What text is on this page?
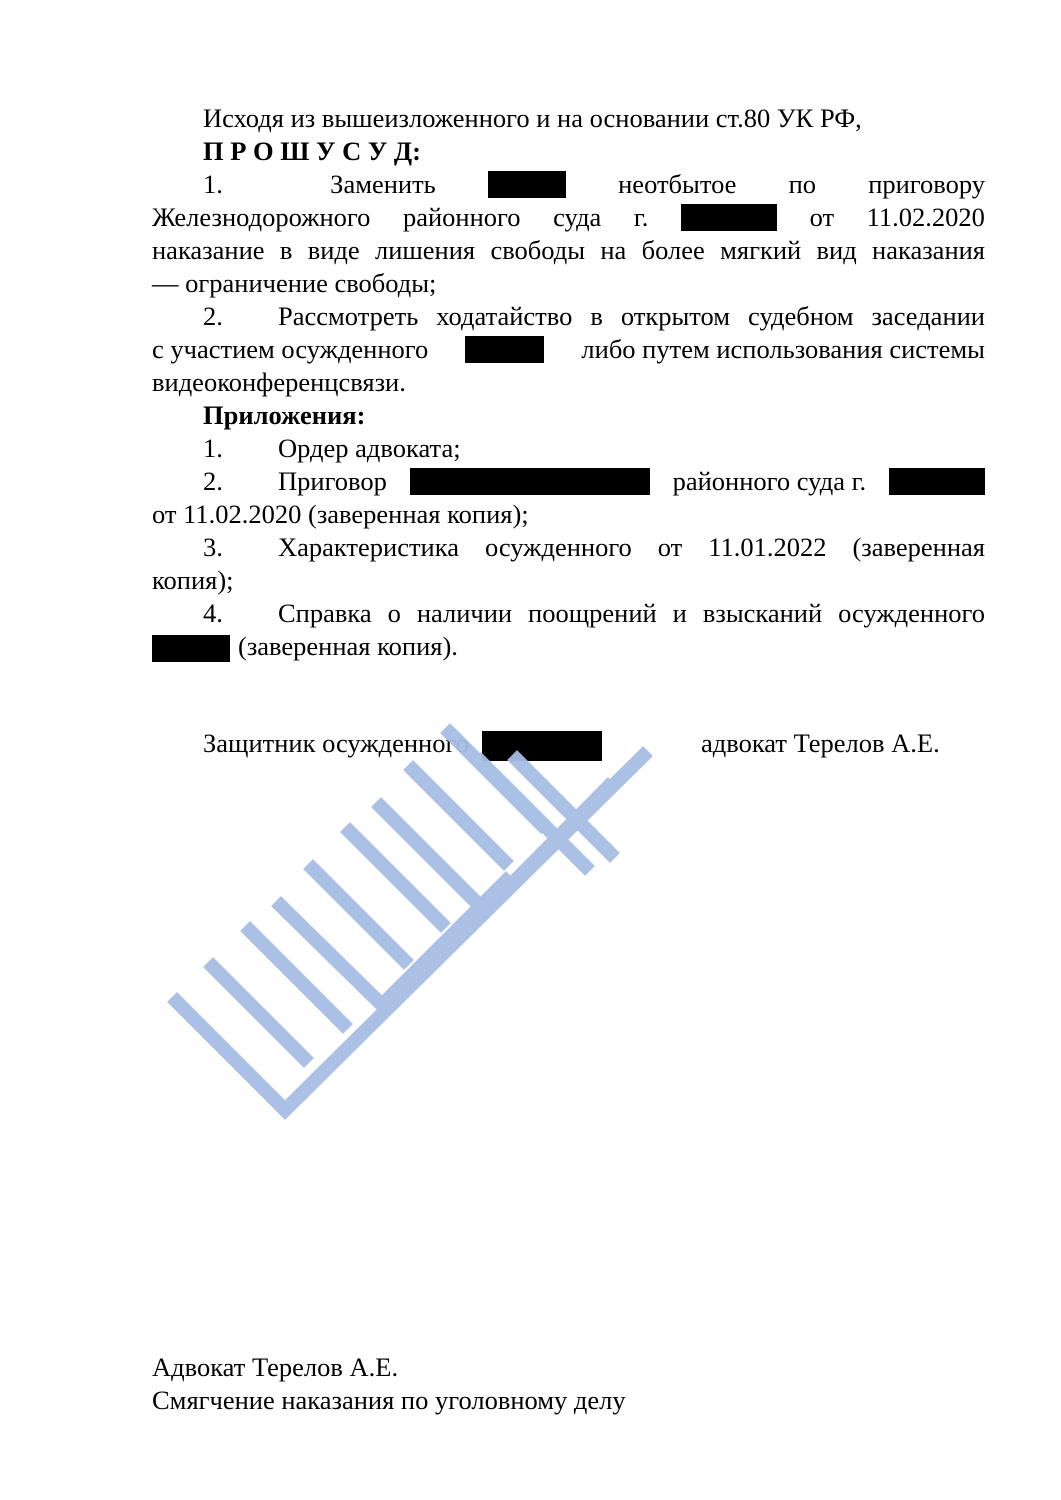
Исходя из вышеизложенного и на основании ст.80 УК РФ,
П Р О Ш У С У Д:
1.	Заменить	неотбытое по приговору
Железнодорожного районного суда г.	от 11.02.2020
наказание в виде лишения свободы на более мягкий вид наказания
— ограничение свободы;
2. Рассмотреть ходатайство в открытом судебном заседании
с участием осужденного	либо путем использования системы
видеоконференцсвязи.
Приложения:
1. Ордер адвоката;
2. Приговор	районного суда г.
от 11.02.2020 (заверенная копия);
3. Характеристика осужденного от 11.01.2022 (заверенная
копия);
4. Справка о наличии поощрений и взысканий осужденного
(заверенная копия).
Защитник осужденного	адвокат Терелов А.Е.
Адвокат Терелов А.Е.
Смягчение наказания по уголовному делу
